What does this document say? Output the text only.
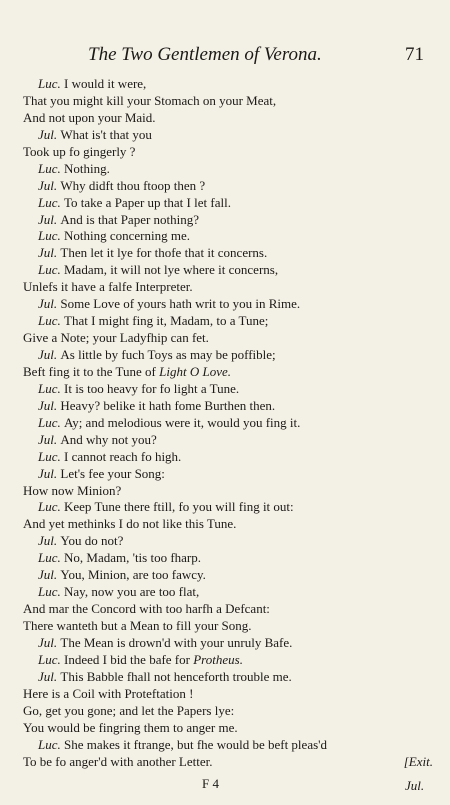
The Two Gentlemen of Verona.	71
Luc. I would it were,
That you might kill your Stomach on your Meat,
And not upon your Maid.
Jul. What is't that you
Took up fo gingerly ?
Luc. Nothing.
Jul. Why didft thou ftoop then ?
Luc. To take a Paper up that I let fall.
Jul. And is that Paper nothing?
Luc. Nothing concerning me.
Jul. Then let it lye for thofe that it concerns.
Luc. Madam, it will not lye where it concerns,
Unlefs it have a falfe Interpreter.
Jul. Some Love of yours hath writ to you in Rime.
Luc. That I might fing it, Madam, to a Tune;
Give a Note; your Ladyfhip can fet.
Jul. As little by fuch Toys as may be poffible;
Beft fing it to the Tune of Light O Love.
Luc. It is too heavy for fo light a Tune.
Jul. Heavy? belike it hath fome Burthen then.
Luc. Ay; and melodious were it, would you fing it.
Jul. And why not you?
Luc. I cannot reach fo high.
Jul. Let's fee your Song:
How now Minion?
Luc. Keep Tune there ftill, fo you will fing it out:
And yet methinks I do not like this Tune.
Jul. You do not?
Luc. No, Madam, 'tis too fharp.
Jul. You, Minion, are too fawcy.
Luc. Nay, now you are too flat,
And mar the Concord with too harfh a Defcant:
There wanteth but a Mean to fill your Song.
Jul. The Mean is drown'd with your unruly Bafe.
Luc. Indeed I bid the bafe for Protheus.
Jul. This Babble fhall not henceforth trouble me.
Here is a Coil with Proteftation !
Go, get you gone; and let the Papers lye:
You would be fingring them to anger me.
Luc. She makes it ftrange, but fhe would be beft pleas'd
To be fo anger'd with another Letter.	[Exit.
F 4	Jul.
